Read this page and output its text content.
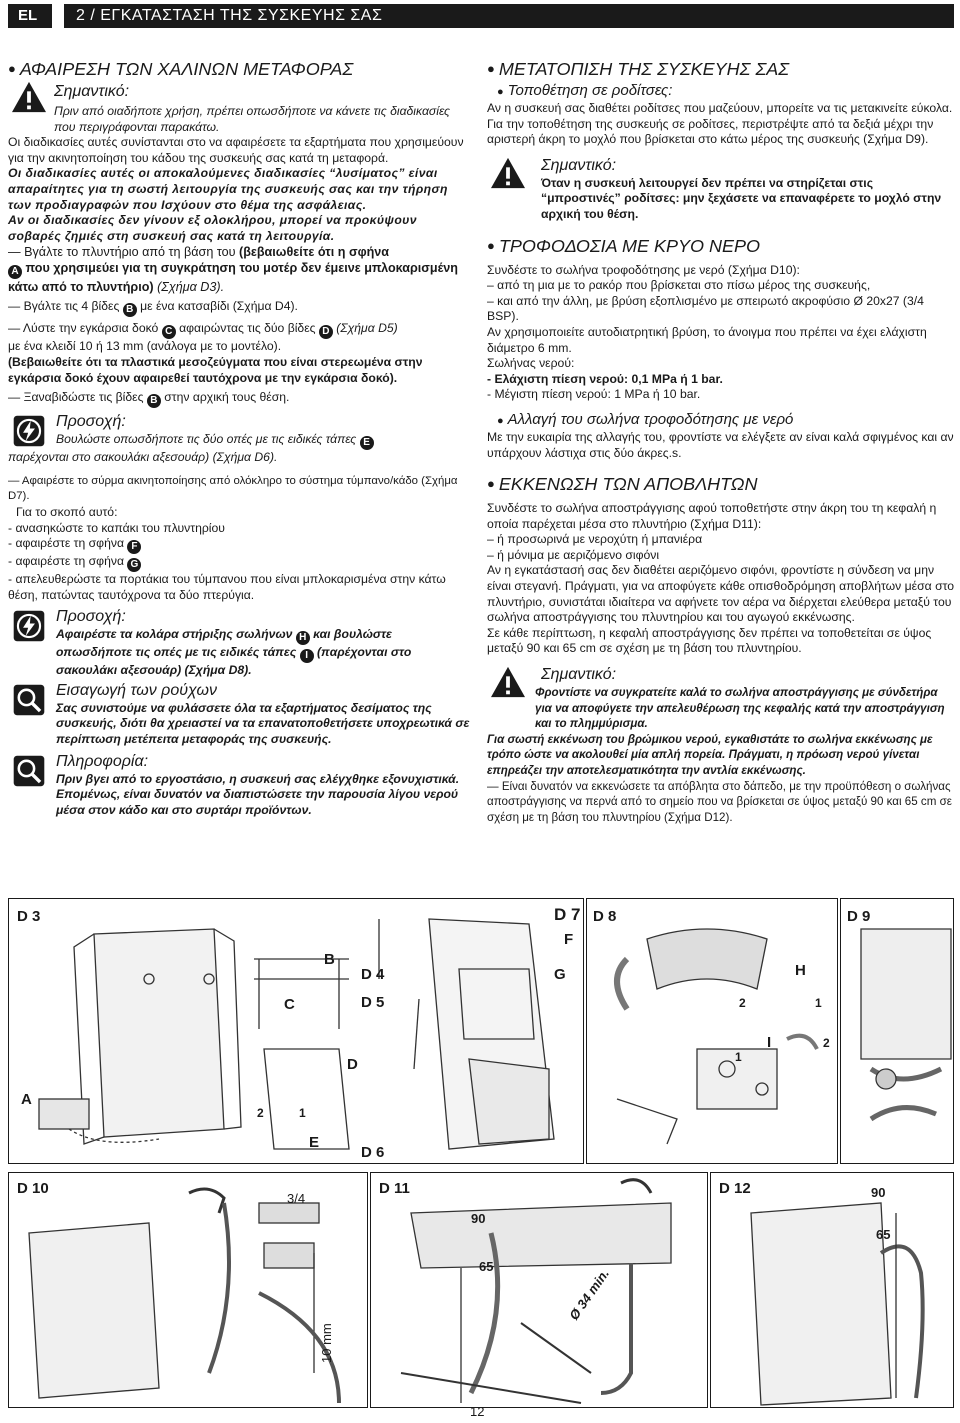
EL	2 / ΕΓΚΑΤΑΣΤΑΣΗ ΤΗΣ ΣΥΣΚΕΥΗΣ ΣΑΣ
● ΑΦΑΙΡΕΣΗ ΤΩΝ ΧΑΛΙΝΩΝ ΜΕΤΑΦΟΡΑΣ
Σημαντικό:

Πριν από οιαδήποτε χρήση, πρέπει οπωσδήποτε να κάνετε τις διαδικασίες που περιγράφονται παρακάτω.

Οι διαδικασίες αυτές συνίστανται στο να αφαιρέσετε τα εξαρτήματα που χρησιμεύουν για την ακινητοποίηση του κάδου της συσκευής σας κατά τη μεταφορά.

Οι διαδικασίες αυτές οι αποκαλούμενες διαδικασίες “λυσίματος” είναι απαραίτητες για τη σωστή λειτουργία της συσκευής σας και την τήρηση των προδιαγραφών που Ισχύουν στο θέμα της ασφάλειας.

Αν οι διαδικασίες δεν γίνουν εξ ολοκλήρου, μπορεί να προκύψουν σοβαρές ζημιές στη συσκευή σας κατά τη λειτουργία.

— Βγάλτε το πλυντήριο από τη βάση του (βεβαιωθείτε ότι η σφήνα
A που χρησιμεύει για τη συγκράτηση του μοτέρ δεν έμεινε μπλοκαρισμένη κάτω από το πλυντήριο) (Σχήμα D3).

— Βγάλτε τις 4 βίδες B με ένα κατσαβίδι (Σχήμα D4).

— Λύστε την εγκάρσια δοκό C αφαιρώντας τις δύο βίδες D (Σχήμα D5)
με ένα κλειδί 10 ή 13 mm (ανάλογα με το μοντέλο).

(Βεβαιωθείτε ότι τα πλαστικά μεσοζεύγματα που είναι στερεωμένα στην εγκάρσια δοκό έχουν αφαιρεθεί ταυτόχρονα με την εγκάρσια δοκό).

— Ξαναβιδώστε τις βίδες B στην αρχική τους θέση.

Προσοχή:

Βουλώστε οπωσδήποτε τις δύο οπές με τις ειδικές τάπες E

παρέχονται στο σακουλάκι αξεσουάρ) (Σχήμα D6).

— Αφαιρέστε το σύρμα ακινητοποίησης από ολόκληρο το σύστημα τύμπανο/κάδο (Σχήμα D7).

Για το σκοπό αυτό:

- ανασηκώστε το καπάκι του πλυντηρίου

- αφαιρέστε τη σφήνα F

- αφαιρέστε τη σφήνα G

- απελευθερώστε τα πορτάκια του τύμπανου που είναι μπλοκαρισμένα στην κάτω θέση, πατώντας ταυτόχρονα τα δύο πτερύγια.

Προσοχή:

Αφαιρέστε τα κολάρα στήριξης σωλήνων H και βουλώστε οπωσδήποτε τις οπές με τις ειδικές τάπες I (παρέχονται στο σακουλάκι αξεσουάρ) (Σχήμα D8).

Εισαγωγή των ρούχων

Σας συνιστούμε να φυλάσσετε όλα τα εξαρτήματος δεσίματος της συσκευής, διότι θα χρειαστεί να τα επανατοποθετήσετε υποχρεωτικά σε περίπτωση μετέπειτα μεταφοράς της συσκευής.

Πληροφορία:

Πριν βγει από το εργοστάσιο, η συσκευή σας ελέγχθηκε εξονυχιστικά. Επομένως, είναι δυνατόν να διαπιστώσετε την παρουσία λίγου νερού μέσα στον κάδο και στο συρτάρι προϊόντων.

● ΜΕΤΑΤΟΠΙΣΗ ΤΗΣ ΣΥΣΚΕΥΗΣ ΣΑΣ
● Τοποθέτηση σε ροδίτσες:

Αν η συσκευή σας διαθέτει ροδίτσες που μαζεύουν, μπορείτε να τις μετακινείτε εύκολα.

Για την τοποθέτηση της συσκευής σε ροδίτσες, περιστρέψτε από τα δεξιά μέχρι την αριστερή άκρη το μοχλό που βρίσκεται στο κάτω μέρος της συσκευής (Σχήμα D9).

Σημαντικό:

Όταν η συσκευή λειτουργεί δεν πρέπει να στηρίζεται στις “μπροστινές” ροδίτσες: μην ξεχάσετε να επαναφέρετε το μοχλό στην αρχική του θέση.

● ΤΡΟΦΟΔΟΣΙΑ ΜΕ ΚΡΥΟ ΝΕΡΟ

Συνδέστε το σωλήνα τροφοδότησης με νερό (Σχήμα D10):

– από τη μια με το ρακόρ που βρίσκεται στο πίσω μέρος της συσκευής,

– και από την άλλη, με βρύση εξοπλισμένο με σπειρωτό ακροφύσιο Ø 20x27 (3/4 BSP).

Αν χρησιμοποιείτε αυτοδιατρητική βρύση, το άνοιγμα που πρέπει να έχει ελάχιστη διάμετρο 6 mm.

Σωλήνας νερού:

- Ελάχιστη πίεση νερού: 0,1 MPa ή 1 bar.

- Μέγιστη πίεση νερού: 1 MPa ή 10 bar.

● Αλλαγή του σωλήνα τροφοδότησης με νερό

Με την ευκαιρία της αλλαγής του, φροντίστε να ελέγξετε αν είναι καλά σφιγμένος και αν υπάρχουν λάστιχα στις δύο άκρες.s.

● ΕΚΚΕΝΩΣΗ ΤΩΝ ΑΠΟΒΛΗΤΩΝ

Συνδέστε το σωλήνα αποστράγγισης αφού τοποθετήστε στην άκρη του τη κεφαλή η οποία παρέχεται μέσα στο πλυντήριο (Σχήμα D11):

– ή προσωρινά με νεροχύτη ή μπανιέρα

– ή μόνιμα με αεριζόμενο σιφόνι

Αν η εγκατάστασή σας δεν διαθέτει αεριζόμενο σιφόνι, φροντίστε η σύνδεση να μην είναι στεγανή. Πράγματι, για να αποφύγετε κάθε οπισθοδρόμηση αποβλήτων μέσα στο πλυντήριο, συνιστάται ιδιαίτερα να αφήνετε τον αέρα να διέρχεται ελεύθερα μεταξύ του σωλήνα αποστράγγισης του πλυντηρίου και του αγωγού εκκένωσης.

Σε κάθε περίπτωση, η κεφαλή αποστράγγισης δεν πρέπει να τοποθετείται σε ύψος μεταξύ 90 και 65 cm σε σχέση με τη βάση του πλυντηρίου.

Σημαντικό:

Φροντίστε να συγκρατείτε καλά το σωλήνα αποστράγγισης με σύνδετήρα για να αποφύγετε την απελευθέρωση της κεφαλής κατά την αποστράγγιση και το πλημμύρισμα.

Για σωστή εκκένωση του βρώμικου νερού, εγκαθιστάτε το σωλήνα εκκένωσης με τρόπο ώστε να ακολουθεί μία απλή πορεία. Πράγματι, η πρόωση νερού γίνεται επηρεάζει την αποτελεσματικότητα την αντλία εκκένωσης.

— Είναι δυνατόν να εκκενώσετε τα απόβλητα στο δάπεδο, με την προϋπόθεση ο σωλήνας αποστράγγισης να περνά από το σημείο που να βρίσκεται σε ύψος μεταξύ 90 και 65 cm σε σχέση με τη βάση του πλυντηρίου (Σχήμα D12).

D 3
D 4
D 5
D 6
A
B
C
D
E
F
G
2	1
D 7 D 8
H
I
2	1
1
2
D 9
D 10
3/4
10 mm
D 11
90
65	Ø 34 min.
D 12	90
65
12
